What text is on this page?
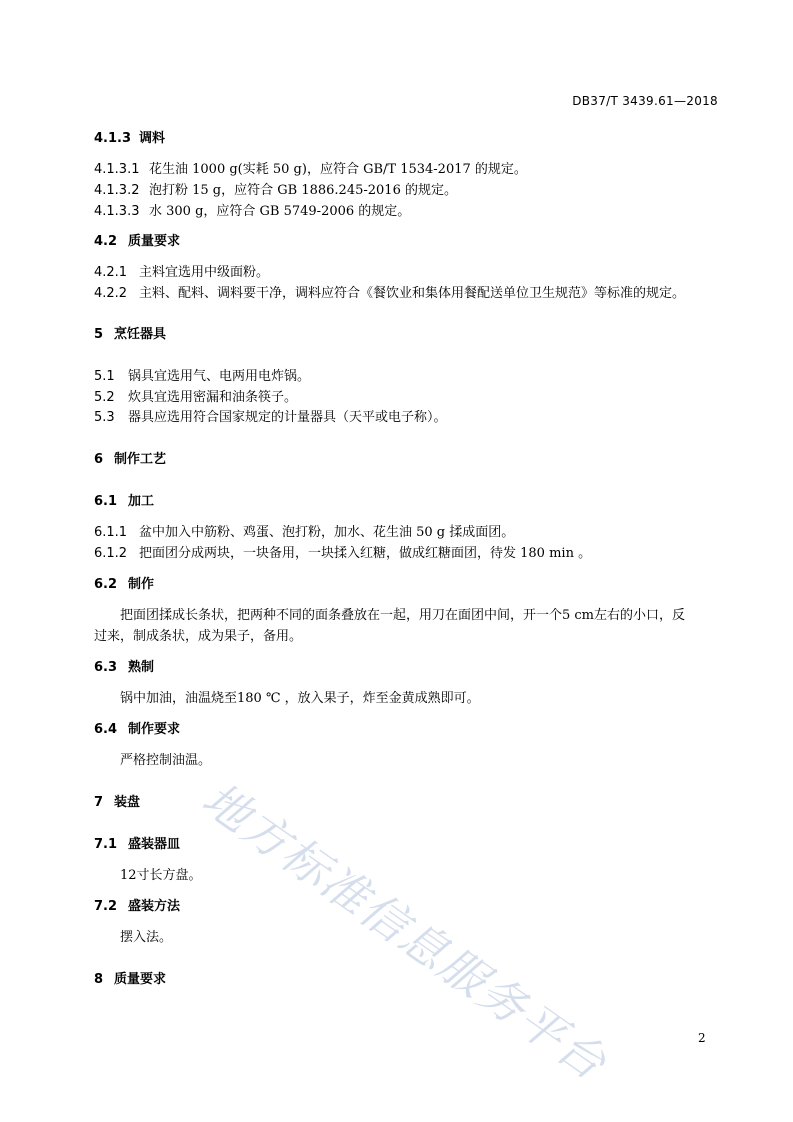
DB37/T 3439.61—2018
地方标准信息服务平台
4.1.3 调料
4.1.3.1 花生油 1000 g(实耗 50 g)，应符合 GB/T 1534-2017 的规定。
4.1.3.2 泡打粉 15 g，应符合 GB 1886.245-2016 的规定。
4.1.3.3 水 300 g，应符合 GB 5749-2006 的规定。
4.2 质量要求
4.2.1 主料宜选用中级面粉。
4.2.2 主料、配料、调料要干净，调料应符合《餐饮业和集体用餐配送单位卫生规范》等标准的规定。
5 烹饪器具
5.1 锅具宜选用气、电两用电炸锅。
5.2 炊具宜选用密漏和油条筷子。
5.3 器具应选用符合国家规定的计量器具（天平或电子称）。
6 制作工艺
6.1 加工
6.1.1 盆中加入中筋粉、鸡蛋、泡打粉，加水、花生油 50 g 揉成面团。
6.1.2 把面团分成两块，一块备用，一块揉入红糖，做成红糖面团，待发 180 min 。
6.2 制作
把面团揉成长条状，把两种不同的面条叠放在一起，用刀在面团中间，开一个5 cm左右的小口，反
过来，制成条状，成为果子，备用。
6.3 熟制
锅中加油，油温烧至180 ℃ ，放入果子，炸至金黄成熟即可。
6.4 制作要求
严格控制油温。
7 装盘
7.1 盛装器皿
12寸长方盘。
7.2 盛装方法
摆入法。
8 质量要求
2
